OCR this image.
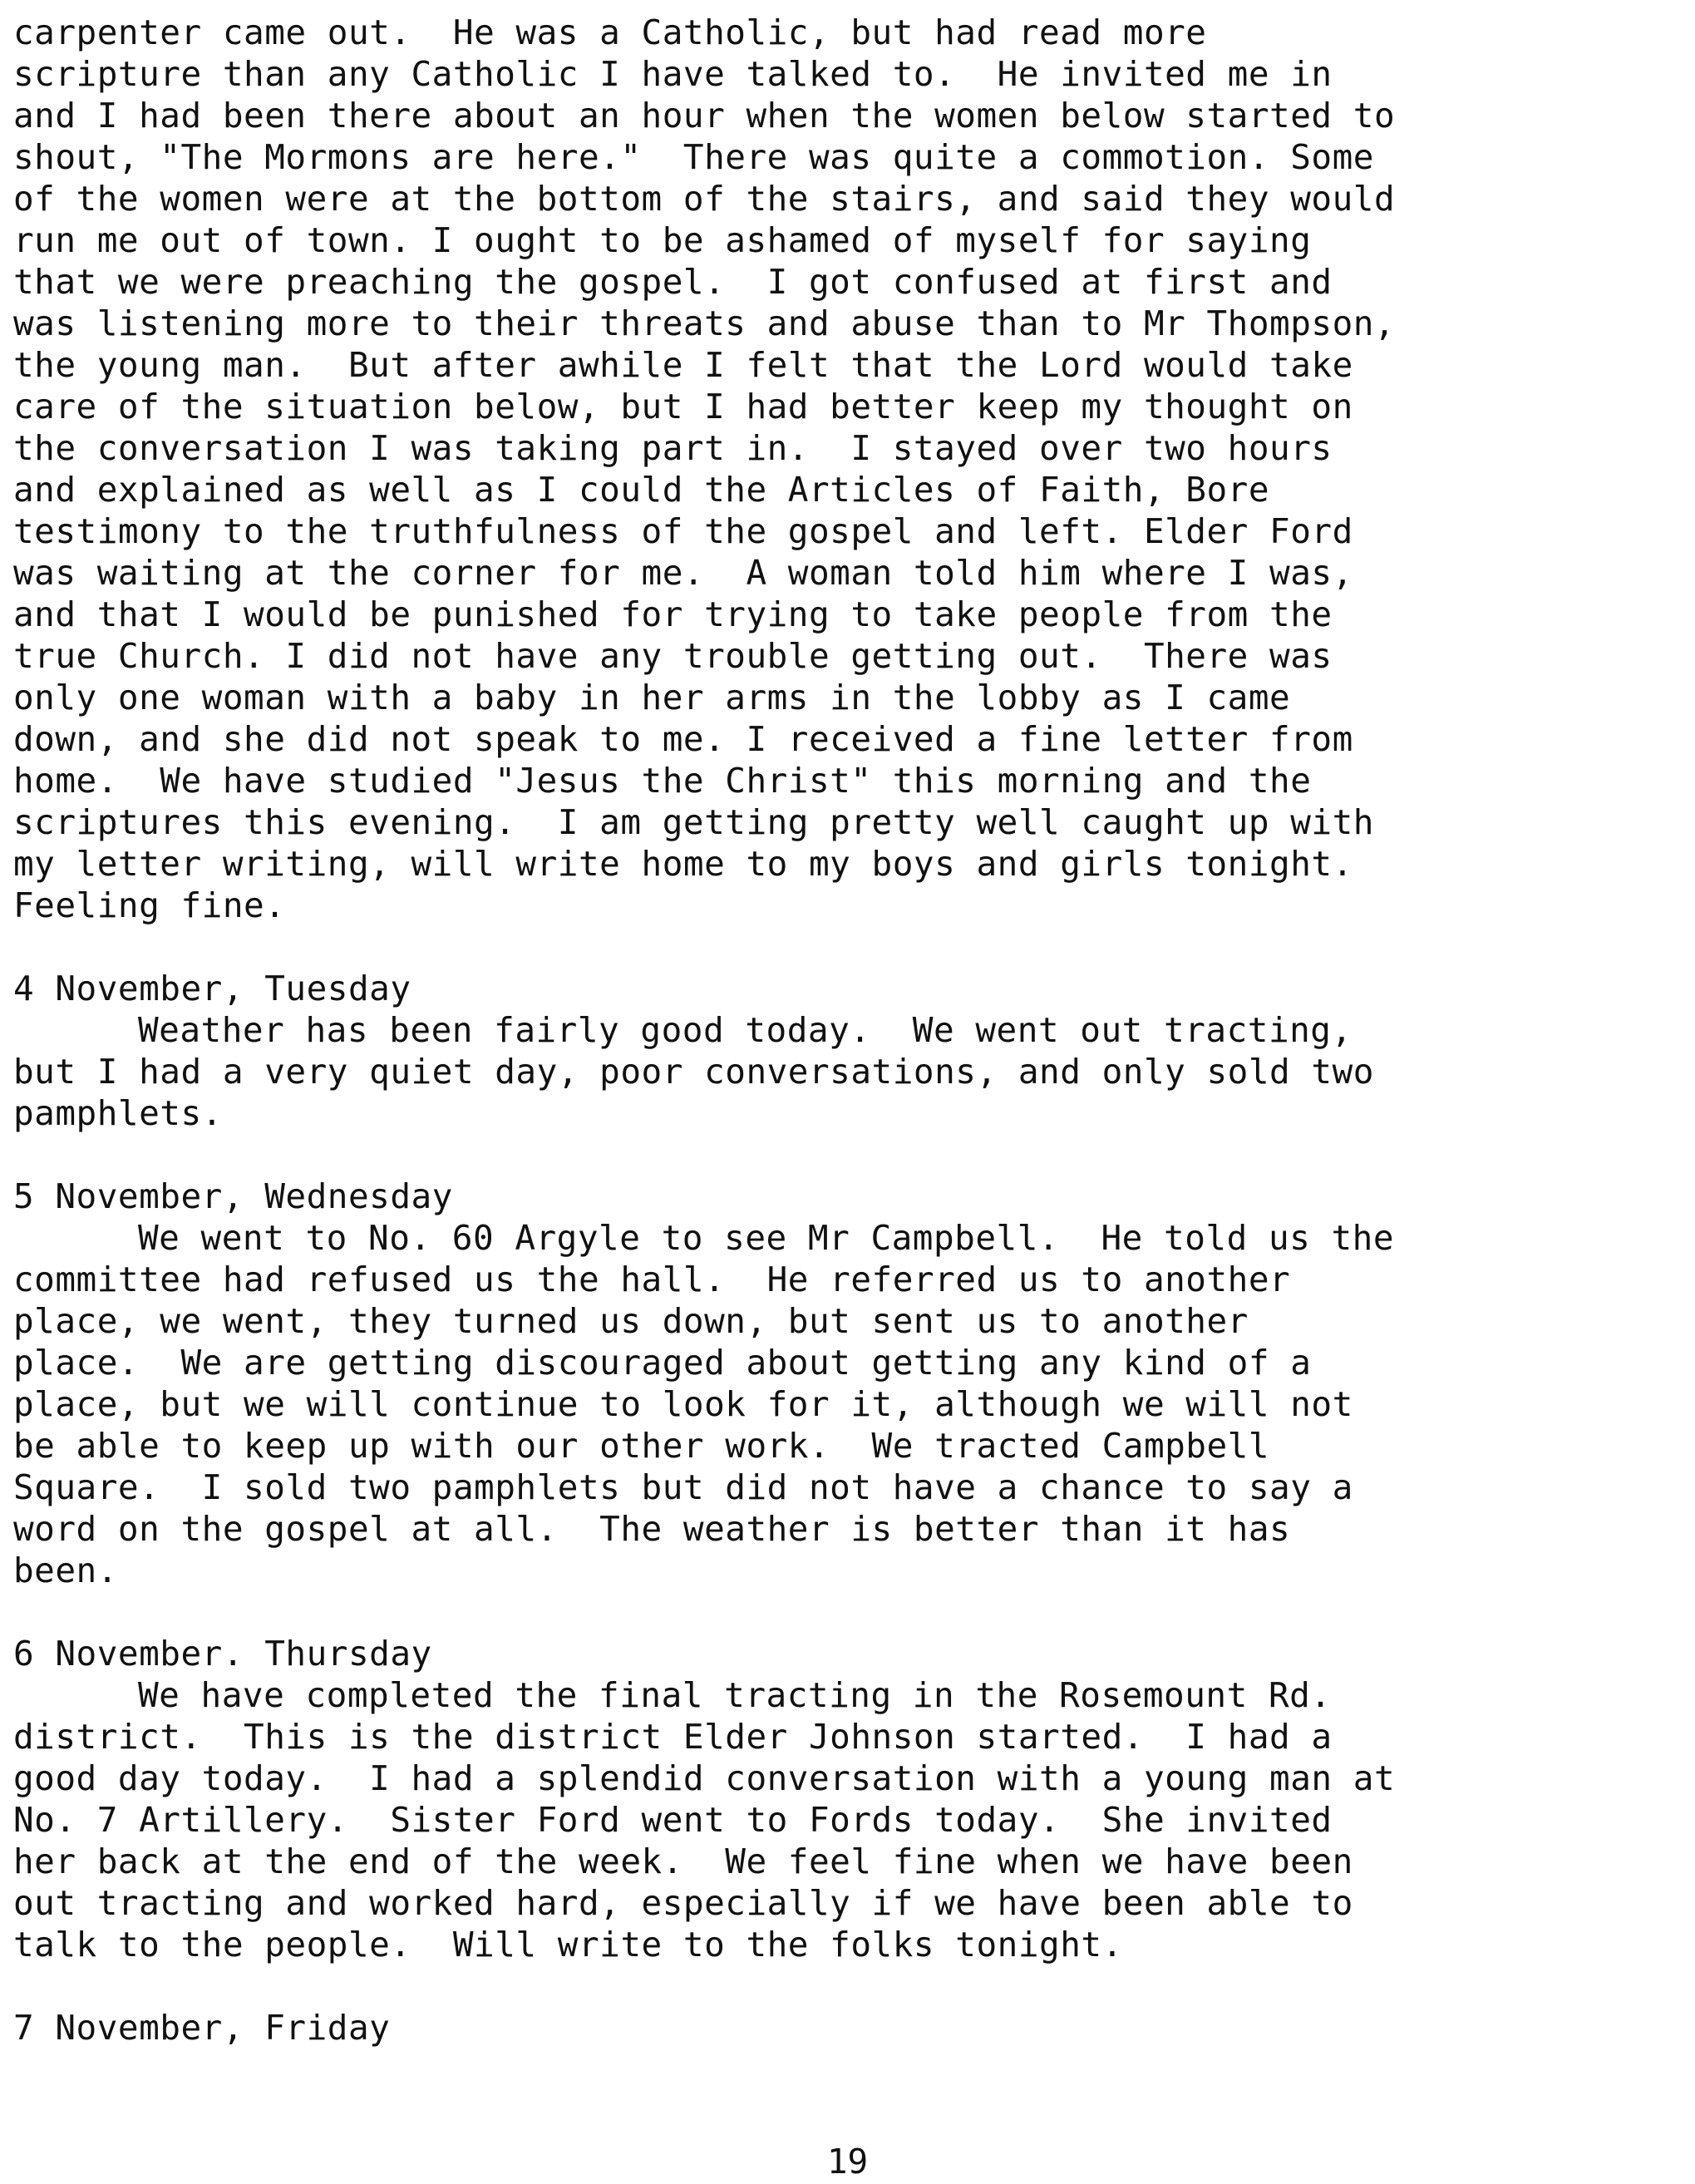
carpenter came out.  He was a Catholic, but had read more
scripture than any Catholic I have talked to.  He invited me in
and I had been there about an hour when the women below started to
shout, "The Mormons are here."  There was quite a commotion. Some
of the women were at the bottom of the stairs, and said they would
run me out of town. I ought to be ashamed of myself for saying
that we were preaching the gospel.  I got confused at first and
was listening more to their threats and abuse than to Mr Thompson,
the young man.  But after awhile I felt that the Lord would take
care of the situation below, but I had better keep my thought on
the conversation I was taking part in.  I stayed over two hours
and explained as well as I could the Articles of Faith, Bore
testimony to the truthfulness of the gospel and left. Elder Ford
was waiting at the corner for me.  A woman told him where I was,
and that I would be punished for trying to take people from the
true Church. I did not have any trouble getting out.  There was
only one woman with a baby in her arms in the lobby as I came
down, and she did not speak to me. I received a fine letter from
home.  We have studied "Jesus the Christ" this morning and the
scriptures this evening.  I am getting pretty well caught up with
my letter writing, will write home to my boys and girls tonight.
Feeling fine.
4 November, Tuesday
Weather has been fairly good today.  We went out tracting,
but I had a very quiet day, poor conversations, and only sold two
pamphlets.
5 November, Wednesday
We went to No. 60 Argyle to see Mr Campbell.  He told us the
committee had refused us the hall.  He referred us to another
place, we went, they turned us down, but sent us to another
place.  We are getting discouraged about getting any kind of a
place, but we will continue to look for it, although we will not
be able to keep up with our other work.  We tracted Campbell
Square.  I sold two pamphlets but did not have a chance to say a
word on the gospel at all.  The weather is better than it has
been.
6 November. Thursday
We have completed the final tracting in the Rosemount Rd.
district.  This is the district Elder Johnson started.  I had a
good day today.  I had a splendid conversation with a young man at
No. 7 Artillery.  Sister Ford went to Fords today.  She invited
her back at the end of the week.  We feel fine when we have been
out tracting and worked hard, especially if we have been able to
talk to the people.  Will write to the folks tonight.
7 November, Friday
19
